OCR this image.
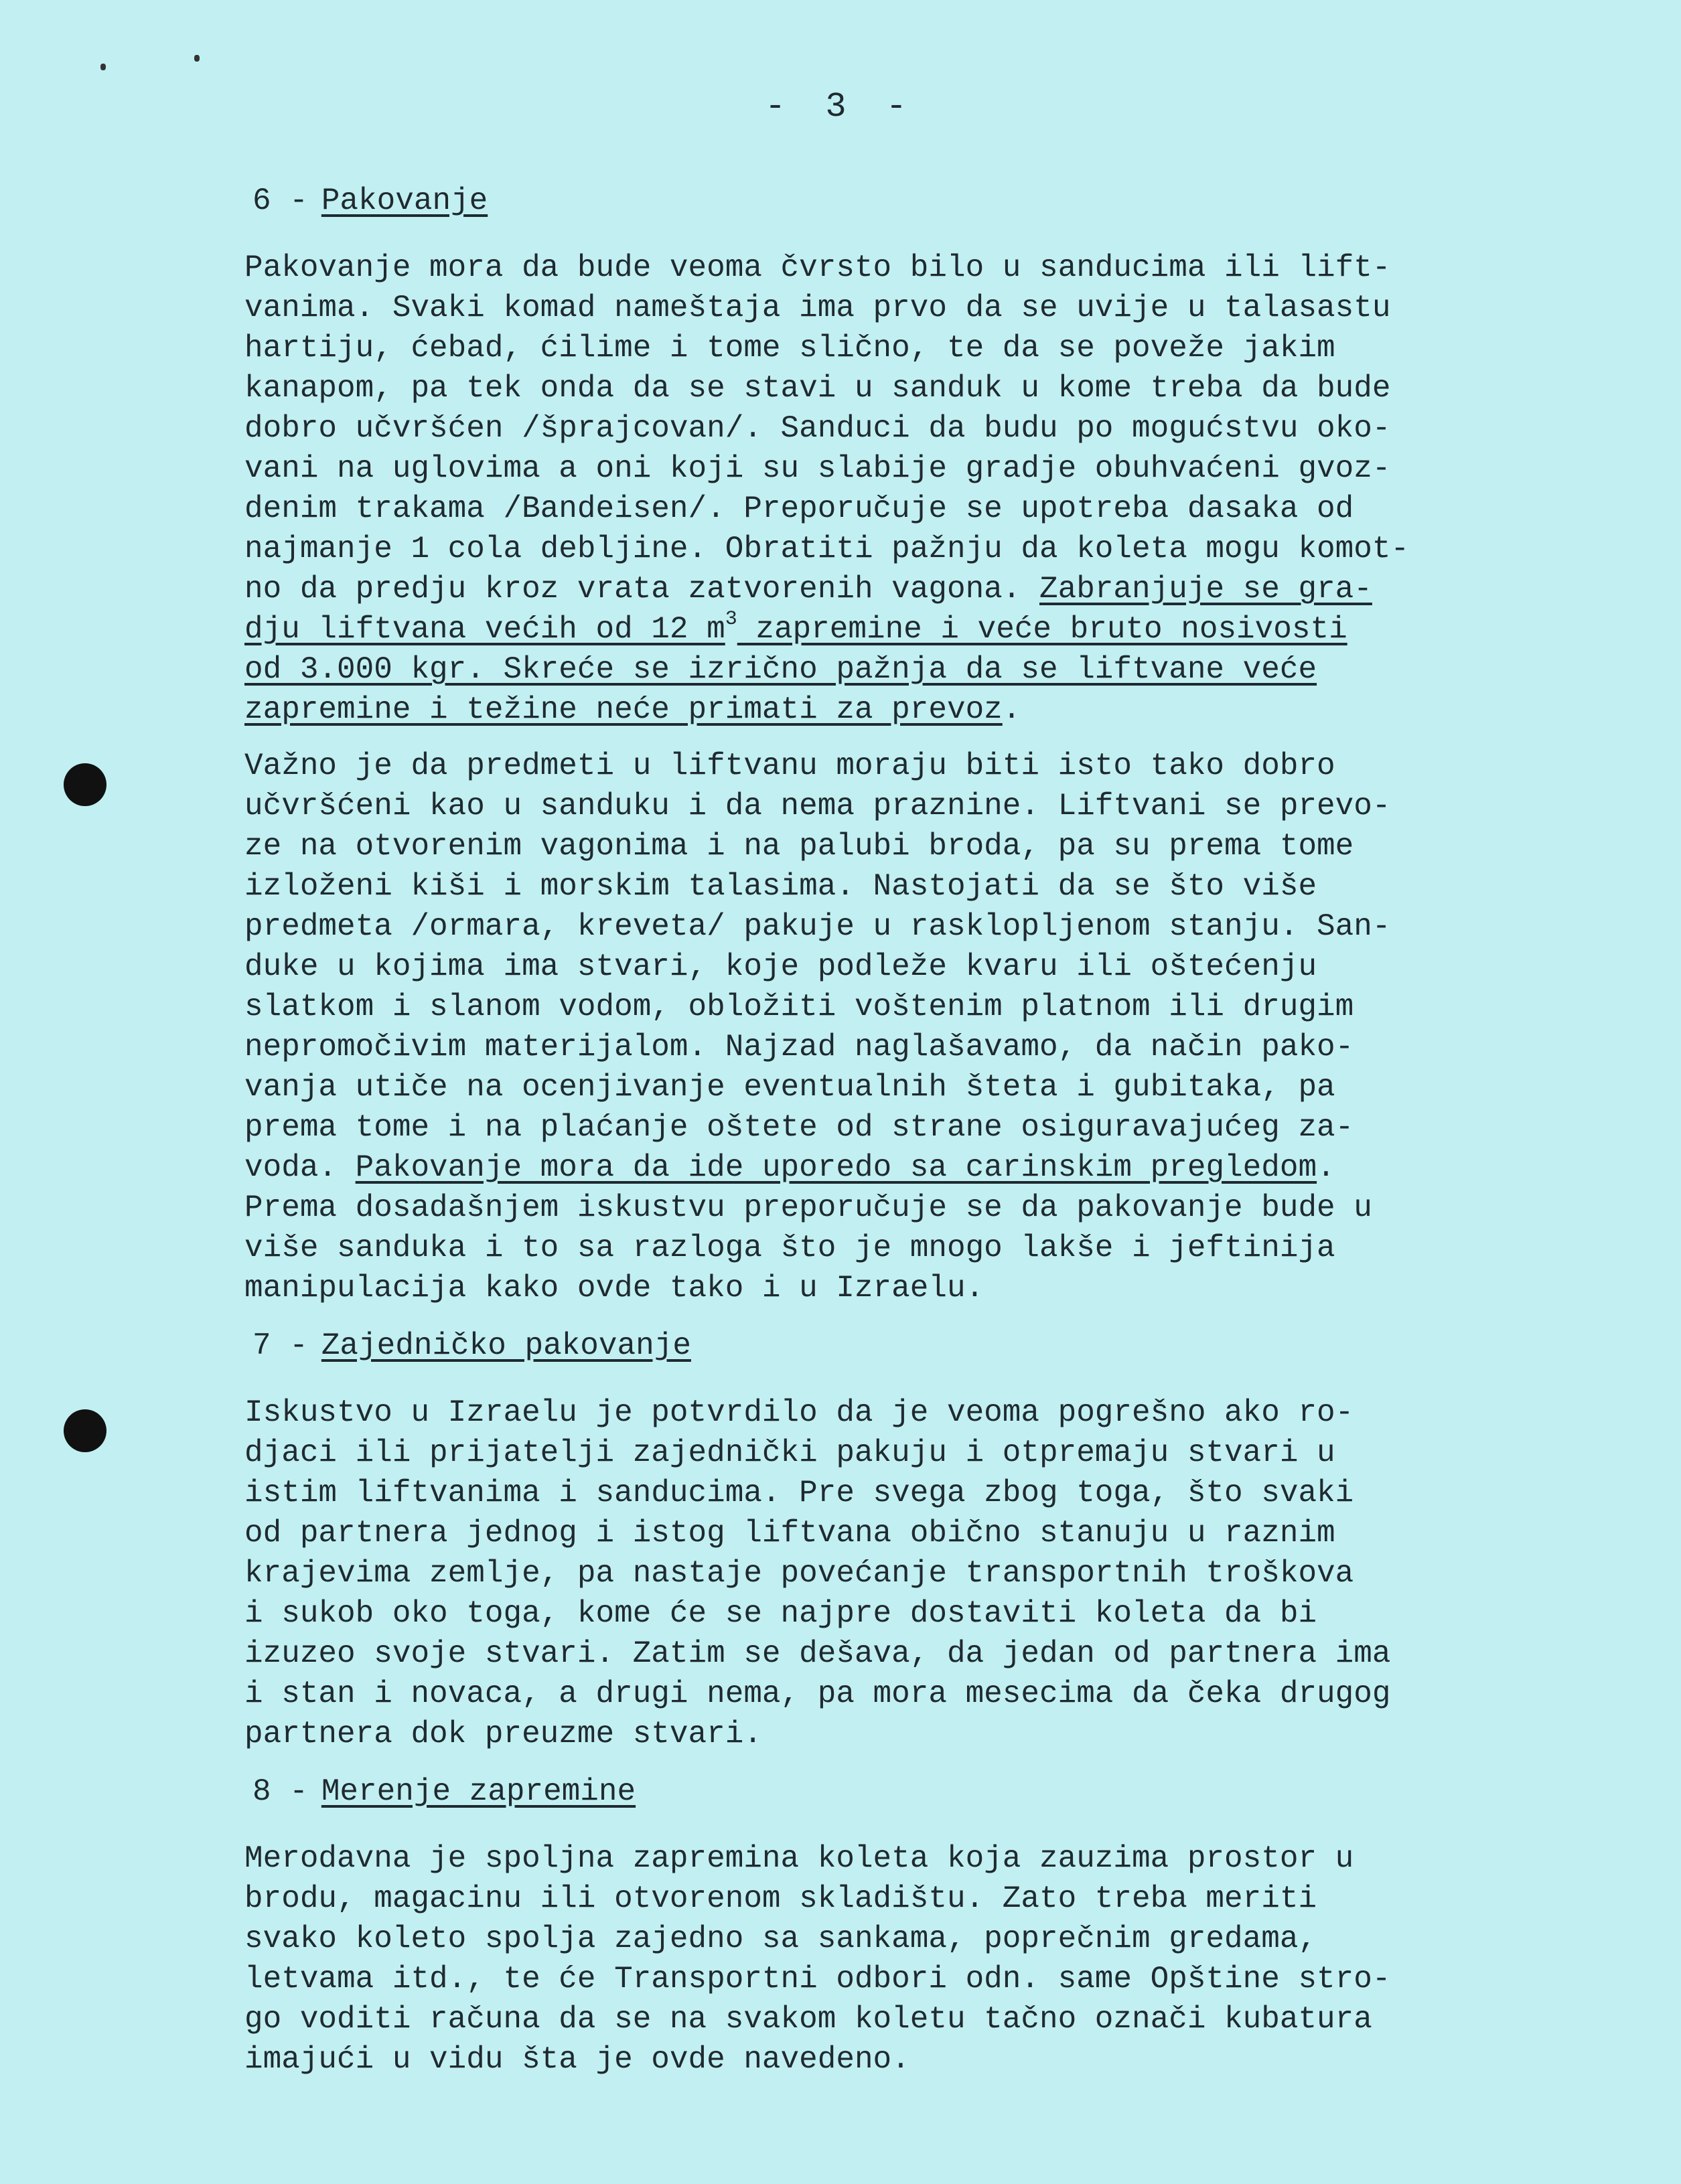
- 3 -
6 - Pakovanje
Pakovanje mora da bude veoma čvrsto bilo u sanducima ili lift-
vanima. Svaki komad nameštaja ima prvo da se uvije u talasastu
hartiju, ćebad, ćilime i tome slično, te da se poveže jakim
kanapom, pa tek onda da se stavi u sanduk u kome treba da bude
dobro učvršćen /šprajcovan/. Sanduci da budu po mogućstvu oko-
vani na uglovima a oni koji su slabije gradje obuhvaćeni gvoz-
denim trakama /Bandeisen/. Preporučuje se upotreba dasaka od
najmanje 1 cola debljine. Obratiti pažnju da koleta mogu komot-
no da predju kroz vrata zatvorenih vagona. Zabranjuje se gra-
dju liftvana većih od 12 $m^3$ zapremine i veće bruto nosivosti
od 3.000 kgr. Skreće se izrično pažnja da se liftvane veće
zapremine i težine neće primati za prevoz.
Važno je da predmeti u liftvanu moraju biti isto tako dobro
učvršćeni kao u sanduku i da nema praznine. Liftvani se prevo-
ze na otvorenim vagonima i na palubi broda, pa su prema tome
izloženi kiši i morskim talasima. Nastojati da se što više
predmeta /ormara, kreveta/ pakuje u rasklopljenom stanju. San-
duke u kojima ima stvari, koje podleže kvaru ili oštećenju
slatkom i slanom vodom, obložiti voštenim platnom ili drugim
nepromočivim materijalom. Najzad naglašavamo, da način pako-
vanja utiče na ocenjivanje eventualnih šteta i gubitaka, pa
prema tome i na plaćanje oštete od strane osiguravajućeg za-
voda. Pakovanje mora da ide uporedo sa carinskim pregledom.
Prema dosadašnjem iskustvu preporučuje se da pakovanje bude u
više sanduka i to sa razloga što je mnogo lakše i jeftinija
manipulacija kako ovde tako i u Izraelu.
7 - Zajedničko pakovanje
Iskustvo u Izraelu je potvrdilo da je veoma pogrešno ako ro-
djaci ili prijatelji zajednički pakuju i otpremaju stvari u
istim liftvanima i sanducima. Pre svega zbog toga, što svaki
od partnera jednog i istog liftvana obično stanuju u raznim
krajevima zemlje, pa nastaje povećanje transportnih troškova
i sukob oko toga, kome će se najpre dostaviti koleta da bi
izuzeo svoje stvari. Zatim se dešava, da jedan od partnera ima
i stan i novaca, a drugi nema, pa mora mesecima da čeka drugog
partnera dok preuzme stvari.
8 - Merenje zapremine
Merodavna je spoljna zapremina koleta koja zauzima prostor u
brodu, magacinu ili otvorenom skladištu. Zato treba meriti
svako koleto spolja zajedno sa sankama, poprečnim gredama,
letvama itd., te će Transportni odbori odn. same Opštine stro-
go voditi računa da se na svakom koletu tačno označi kubatura
imajući u vidu šta je ovde navedeno.
